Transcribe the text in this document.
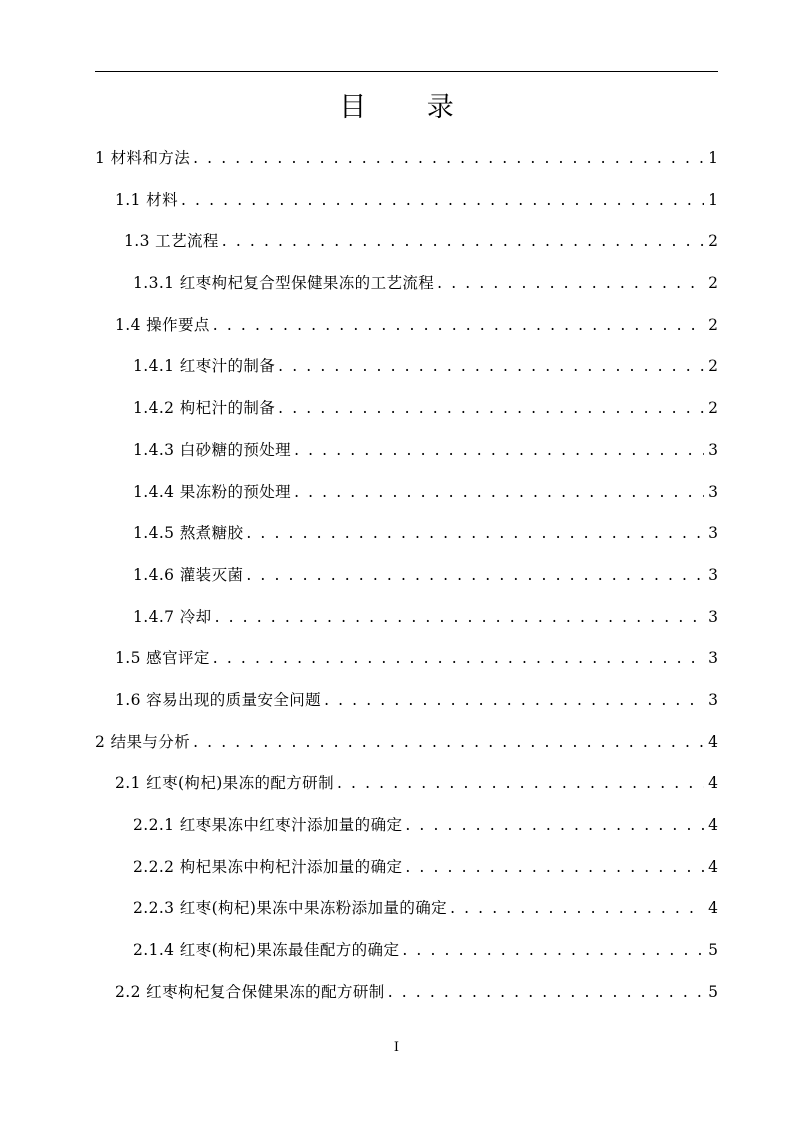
目 录
1 材料和方法 . . .	1
1.1 材料 . . .	1
1.3 工艺流程 . . .	2
1.3.1 红枣枸杞复合型保健果冻的工艺流程 . . .	2
1.4 操作要点 . . .	2
1.4.1 红枣汁的制备 . . .	2
1.4.2 枸杞汁的制备 . . .	2
1.4.3 白砂糖的预处理 . . .	3
1.4.4 果冻粉的预处理 . . .	3
1.4.5 熬煮糖胶 . . .	3
1.4.6 灌装灭菌 . . .	3
1.4.7 冷却 . . .	3
1.5 感官评定 . . .	3
1.6 容易出现的质量安全问题 . . .	3
2 结果与分析 . . .	4
2.1 红枣(枸杞)果冻的配方研制 . . .	4
2.2.1 红枣果冻中红枣汁添加量的确定 . . .	4
2.2.2 枸杞果冻中枸杞汁添加量的确定 . . .	4
2.2.3 红枣(枸杞)果冻中果冻粉添加量的确定 . . .	4
2.1.4 红枣(枸杞)果冻最佳配方的确定 . . .	5
2.2 红枣枸杞复合保健果冻的配方研制 . . .	5
I
